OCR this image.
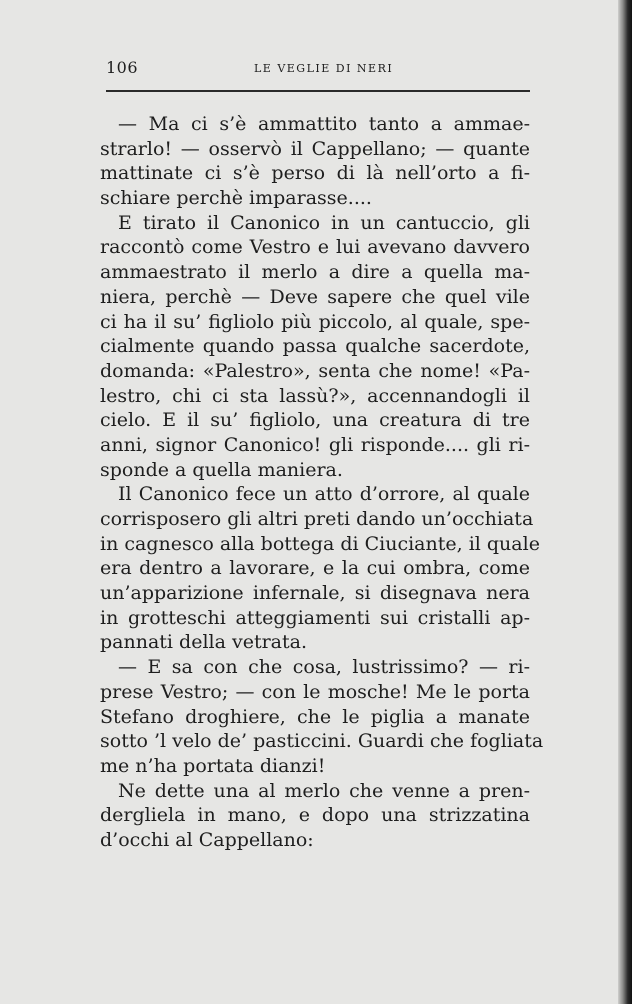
106	LE VEGLIE DI NERI
— Ma ci s’è ammattito tanto a ammae-
strarlo! — osservò il Cappellano; — quante
mattinate ci s’è perso di là nell’orto a fi-
schiare perchè imparasse....
E tirato il Canonico in un cantuccio, gli
raccontò come Vestro e lui avevano davvero
ammaestrato il merlo a dire a quella ma-
niera, perchè — Deve sapere che quel vile
ci ha il su’ figliolo più piccolo, al quale, spe-
cialmente quando passa qualche sacerdote,
domanda: «Palestro», senta che nome! «Pa-
lestro, chi ci sta lassù?», accennandogli il
cielo. E il su’ figliolo, una creatura di tre
anni, signor Canonico! gli risponde.... gli ri-
sponde a quella maniera.
Il Canonico fece un atto d’orrore, al quale
corrisposero gli altri preti dando un’occhiata
in cagnesco alla bottega di Ciuciante, il quale
era dentro a lavorare, e la cui ombra, come
un’apparizione infernale, si disegnava nera
in grotteschi atteggiamenti sui cristalli ap-
pannati della vetrata.
— E sa con che cosa, lustrissimo? — ri-
prese Vestro; — con le mosche! Me le porta
Stefano droghiere, che le piglia a manate
sotto ’l velo de’ pasticcini. Guardi che fogliata
me n’ha portata dianzi!
Ne dette una al merlo che venne a pren-
dergliela in mano, e dopo una strizzatina
d’occhi al Cappellano:
